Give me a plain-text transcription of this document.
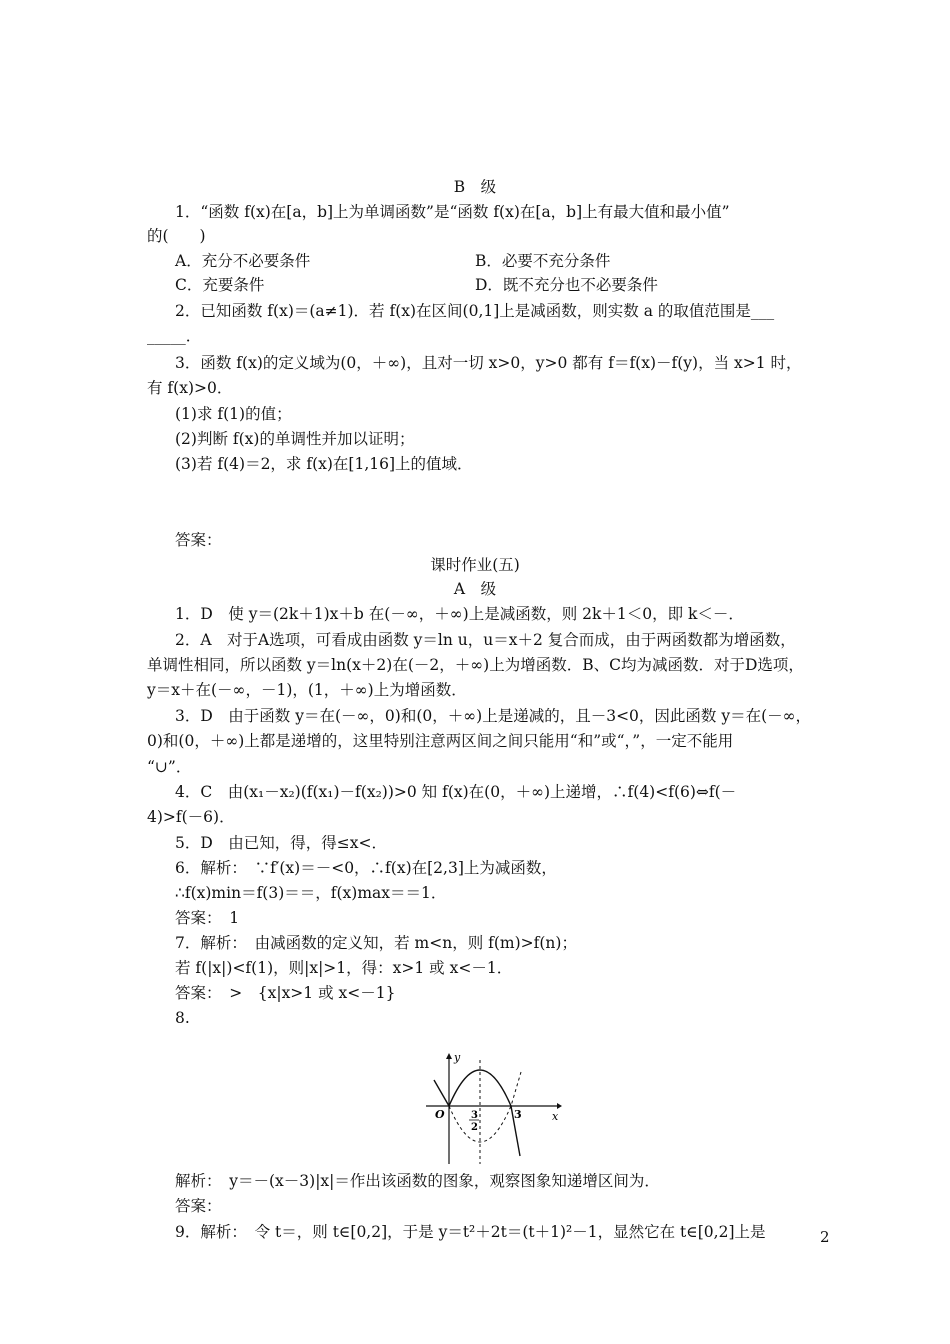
B　级
1．“函数 f(x)在[a，b]上为单调函数”是“函数 f(x)在[a，b]上有最大值和最小值”
的(　　)
A．充分不必要条件	B．必要不充分条件
C．充要条件	D．既不充分也不必要条件
2．已知函数 f(x)＝(a≠1)．若 f(x)在区间(0,1]上是减函数，则实数 a 的取值范围是___
_____．
3．函数 f(x)的定义域为(0，＋∞)，且对一切 x>0，y>0 都有 f＝f(x)－f(y)，当 x>1 时，
有 f(x)>0．
(1)求 f(1)的值；
(2)判断 f(x)的单调性并加以证明；
(3)若 f(4)＝2，求 f(x)在[1,16]上的值域．
答案：
课时作业(五)
A　级
1．D　使 y＝(2k＋1)x＋b 在(－∞，＋∞)上是减函数，则 2k＋1＜0，即 k＜－．
2．A　对于A选项，可看成由函数 y＝ln u，u＝x＋2 复合而成，由于两函数都为增函数，
单调性相同，所以函数 y＝ln(x＋2)在(－2，＋∞)上为增函数．B、C均为减函数．对于D选项，
y＝x＋在(－∞，－1)，(1，＋∞)上为增函数．
3．D　由于函数 y＝在(－∞，0)和(0，＋∞)上是递减的，且－3<0，因此函数 y＝在(－∞，
0)和(0，＋∞)上都是递增的，这里特别注意两区间之间只能用“和”或“，”，一定不能用
“∪”．
4．C　由(x₁－x₂)(f(x₁)－f(x₂))>0 知 f(x)在(0，＋∞)上递增，∴f(4)<f(6)⇔f(－
4)>f(－6)．
5．D　由已知，得，得≤x<．
6．解析：　∵f′(x)＝－<0，∴f(x)在[2,3]上为减函数，
∴f(x)min＝f(3)＝＝，f(x)max＝＝1．
答案：　1
7．解析：　由减函数的定义知，若 m<n，则 f(m)>f(n)；
若 f(|x|)<f(1)，则|x|>1，得：x>1 或 x<－1．
答案：　>　{x|x>1 或 x<－1}
8.
y
x
O	3
2
3
解析：　y＝－(x－3)|x|＝作出该函数的图象，观察图象知递增区间为．
答案：
9．解析：　令 t＝，则 t∈[0,2]，于是 y＝t²＋2t＝(t＋1)²－1，显然它在 t∈[0,2]上是	2
